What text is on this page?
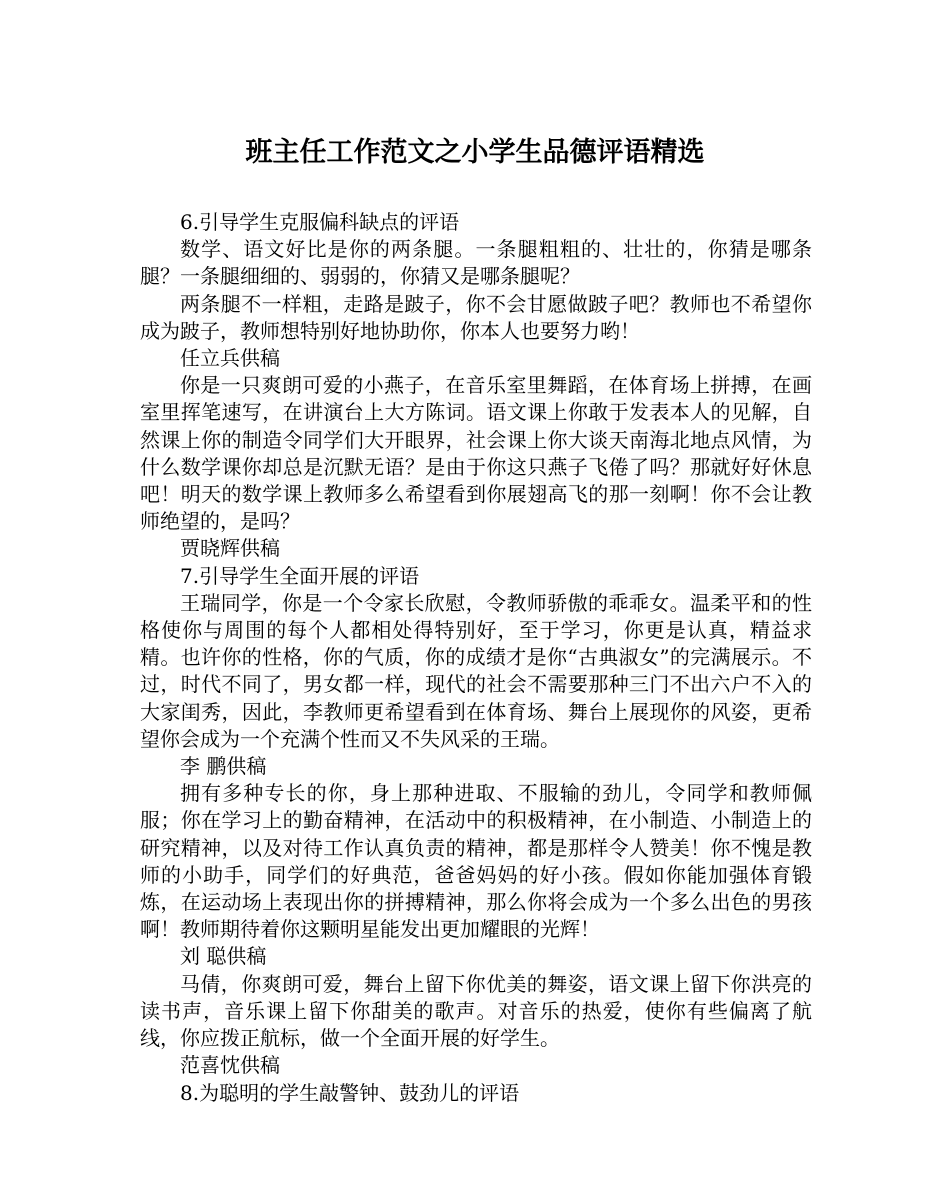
班主任工作范文之小学生品德评语精选

6.引导学生克服偏科缺点的评语

数学、语文好比是你的两条腿。一条腿粗粗的、壮壮的，你猜是哪条腿？一条腿细细的、弱弱的，你猜又是哪条腿呢？

两条腿不一样粗，走路是跛子，你不会甘愿做跛子吧？教师也不希望你成为跛子，教师想特别好地协助你，你本人也要努力哟！

任立兵供稿

你是一只爽朗可爱的小燕子，在音乐室里舞蹈，在体育场上拼搏，在画室里挥笔速写，在讲演台上大方陈词。语文课上你敢于发表本人的见解，自然课上你的制造令同学们大开眼界，社会课上你大谈天南海北地点风情，为什么数学课你却总是沉默无语？是由于你这只燕子飞倦了吗？那就好好休息吧！明天的数学课上教师多么希望看到你展翅高飞的那一刻啊！你不会让教师绝望的，是吗？

贾晓辉供稿

7.引导学生全面开展的评语

王瑞同学，你是一个令家长欣慰，令教师骄傲的乖乖女。温柔平和的性格使你与周围的每个人都相处得特别好，至于学习，你更是认真，精益求精。也许你的性格，你的气质，你的成绩才是你“古典淑女”的完满展示。不过，时代不同了，男女都一样，现代的社会不需要那种三门不出六户不入的大家闺秀，因此，李教师更希望看到在体育场、舞台上展现你的风姿，更希望你会成为一个充满个性而又不失风采的王瑞。

李 鹏供稿

拥有多种专长的你，身上那种进取、不服输的劲儿，令同学和教师佩服；你在学习上的勤奋精神，在活动中的积极精神，在小制造、小制造上的研究精神，以及对待工作认真负责的精神，都是那样令人赞美！你不愧是教师的小助手，同学们的好典范，爸爸妈妈的好小孩。假如你能加强体育锻炼，在运动场上表现出你的拼搏精神，那么你将会成为一个多么出色的男孩啊！教师期待着你这颗明星能发出更加耀眼的光辉！

刘 聪供稿

马倩，你爽朗可爱，舞台上留下你优美的舞姿，语文课上留下你洪亮的读书声，音乐课上留下你甜美的歌声。对音乐的热爱，使你有些偏离了航线，你应拨正航标，做一个全面开展的好学生。

范喜忱供稿

8.为聪明的学生敲警钟、鼓劲儿的评语
